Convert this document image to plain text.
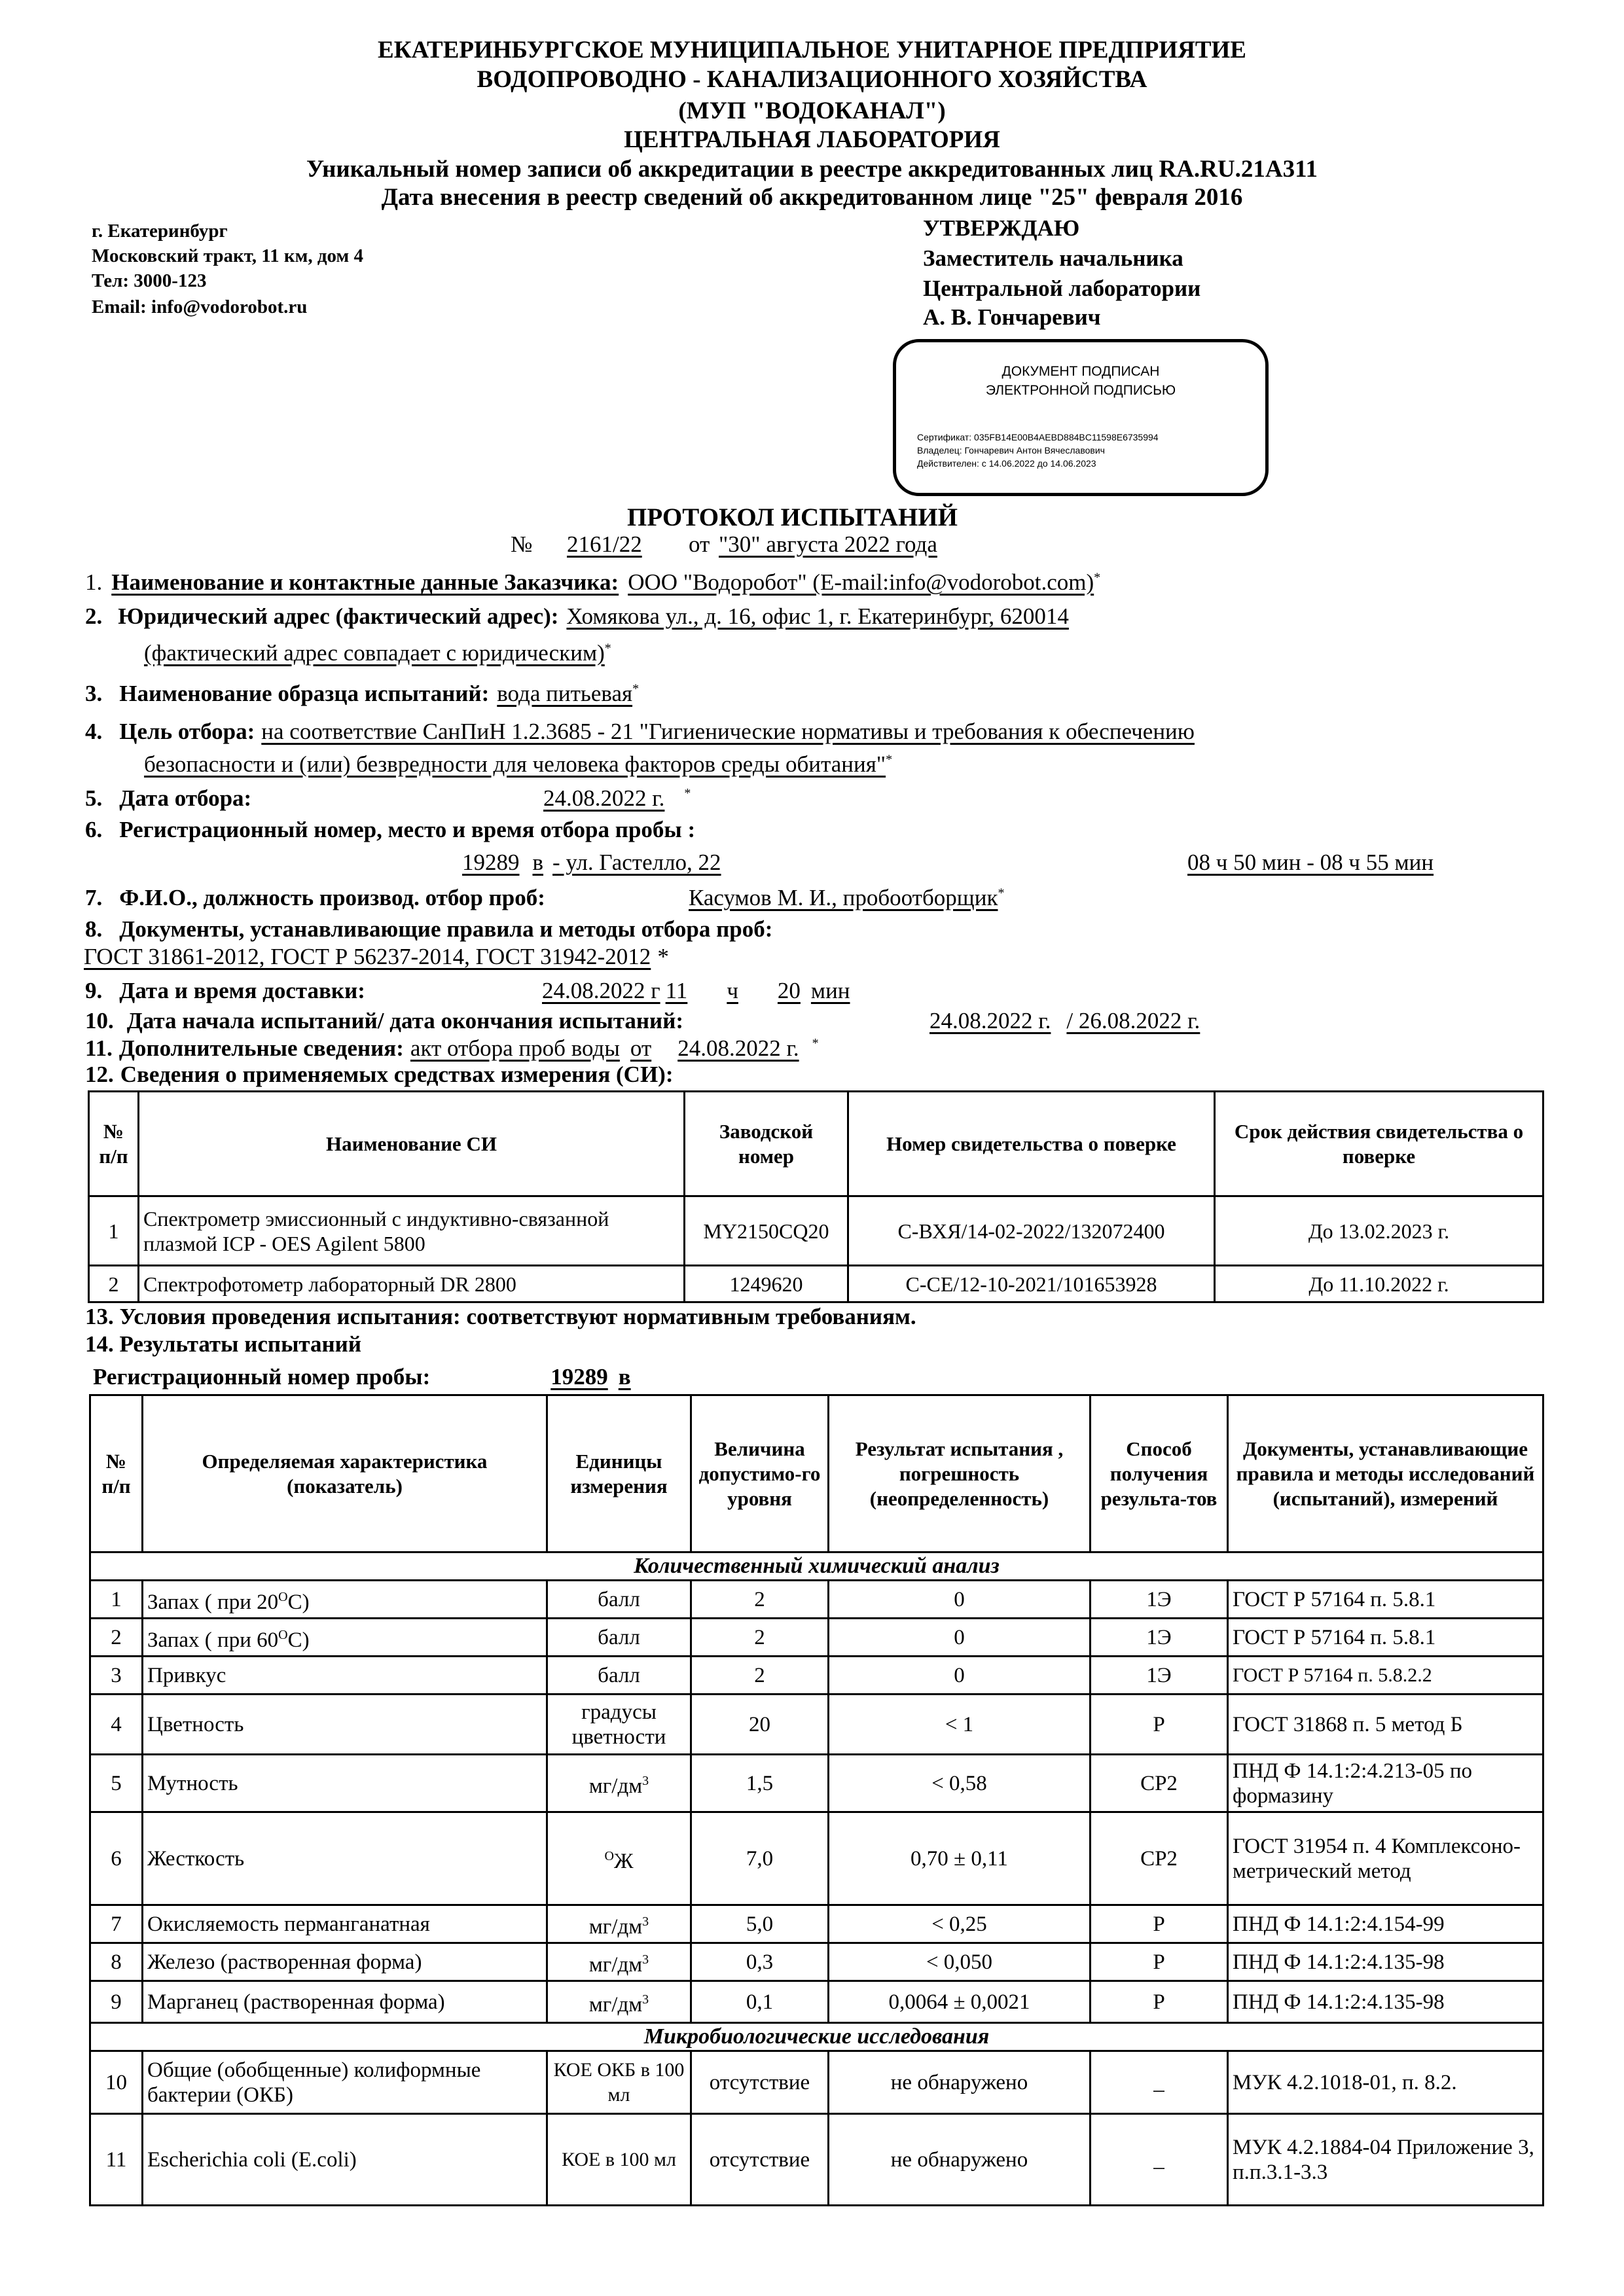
ЕКАТЕРИНБУРГСКОЕ МУНИЦИПАЛЬНОЕ УНИТАРНОЕ ПРЕДПРИЯТИЕ
ВОДОПРОВОДНО - КАНАЛИЗАЦИОННОГО ХОЗЯЙСТВА
(МУП "ВОДОКАНАЛ")
ЦЕНТРАЛЬНАЯ ЛАБОРАТОРИЯ
Уникальный номер записи об аккредитации в реестре аккредитованных лиц RA.RU.21A311
Дата внесения в реестр сведений об аккредитованном лице "25" февраля 2016
г. Екатеринбург
Московский тракт, 11 км, дом 4
Тел: 3000-123
Email: info@vodorobot.ru
УТВЕРЖДАЮ
Заместитель начальника
Центральной лаборатории
А. В. Гончаревич
ДОКУМЕНТ ПОДПИСАН
ЭЛЕКТРОННОЙ ПОДПИСЬЮ
Сертификат: 035FB14E00B4AEBD884BC11598E6735994
Владелец: Гончаревич Антон Вячеславович
Действителен: с 14.06.2022 до 14.06.2023
ПРОТОКОЛ ИСПЫТАНИЙ
№ 2161/22 от "30" августа 2022 года
1. Наименование и контактные данные Заказчика: ООО "Водоробот" (E-mail:info@vodorobot.com)*
2. Юридический адрес (фактический адрес): Хомякова ул., д. 16, офис 1, г. Екатеринбург, 620014
(фактический адрес совпадает с юридическим)*
3. Наименование образца испытаний: вода питьевая*
4. Цель отбора: на соответствие СанПиН 1.2.3685 - 21 "Гигиенические нормативы и требования к обеспечению
безопасности и (или) безвредности для человека факторов среды обитания"*
5. Дата отбора:	24.08.2022 г. *
6. Регистрационный номер, место и время отбора пробы :
19289 в - ул. Гастелло, 22	08 ч 50 мин - 08 ч 55 мин
7. Ф.И.О., должность производ. отбор проб:	Касумов М. И., пробоотборщик*
8. Документы, устанавливающие правила и методы отбора проб:
ГОСТ 31861-2012, ГОСТ Р 56237-2014, ГОСТ 31942-2012 *
9. Дата и время доставки:	24.08.2022 г 11 ч 20 мин
10. Дата начала испытаний/ дата окончания испытаний:	24.08.2022 г. / 26.08.2022 г.
11. Дополнительные сведения: акт отбора проб воды от 24.08.2022 г. *
12. Сведения о применяемых средствах измерения (СИ):
№ п/п	Наименование СИ	Заводской номер	Номер свидетельства о поверке	Срок действия свидетельства о поверке
1	Спектрометр эмиссионный с индуктивно-связанной плазмой ICP - OES Agilent 5800	MY2150CQ20	С-ВХЯ/14-02-2022/132072400	До 13.02.2023 г.
2	Спектрофотометр лабораторный DR 2800	1249620	С-СЕ/12-10-2021/101653928	До 11.10.2022 г.
13. Условия проведения испытания: соответствуют нормативным требованиям.
14. Результаты испытаний
Регистрационный номер пробы:	19289 в
№ п/п	Определяемая характеристика (показатель)	Единицы измерения	Величина допустимо-го уровня	Результат испытания , погрешность (неопределенность)	Способ получения результа-тов	Документы, устанавливающие правила и методы исследований (испытаний), измерений
Количественный химический анализ						
1	Запах ( при $20^ОС$)	балл	2	0	1Э	ГОСТ Р 57164 п. 5.8.1
2	Запах ( при $60^ОС$)	балл	2	0	1Э	ГОСТ Р 57164 п. 5.8.1
3	Привкус	балл	2	0	1Э	ГОСТ Р 57164 п. 5.8.2.2
4	Цветность	градусы цветности	20	< 1	Р	ГОСТ 31868 п. 5 метод Б
5	Мутность	$мг/дм^3$	1,5	< 0,58	СР2	ПНД Ф 14.1:2:4.213-05 по формазину
6	Жесткость	$^О$Ж	7,0	0,70 ± 0,11	СР2	ГОСТ 31954 п. 4 Комплексоно-метрический метод
7	Окисляемость перманганатная	$мг/дм^3$	5,0	< 0,25	Р	ПНД Ф 14.1:2:4.154-99
8	Железо (растворенная форма)	$мг/дм^3$	0,3	< 0,050	Р	ПНД Ф 14.1:2:4.135-98
9	Марганец (растворенная форма)	$мг/дм^3$	0,1	0,0064 ± 0,0021	Р	ПНД Ф 14.1:2:4.135-98
Микробиологические исследования						
10	Общие (обобщенные) колиформные бактерии (ОКБ)	КОЕ ОКБ в 100 мл	отсутствие	не обнаружено	_	МУК 4.2.1018-01, п. 8.2.
11	Escherichia coli (E.coli)	КОЕ в 100 мл	отсутствие	не обнаружено	_	МУК 4.2.1884-04 Приложение 3, п.п.3.1-3.3
